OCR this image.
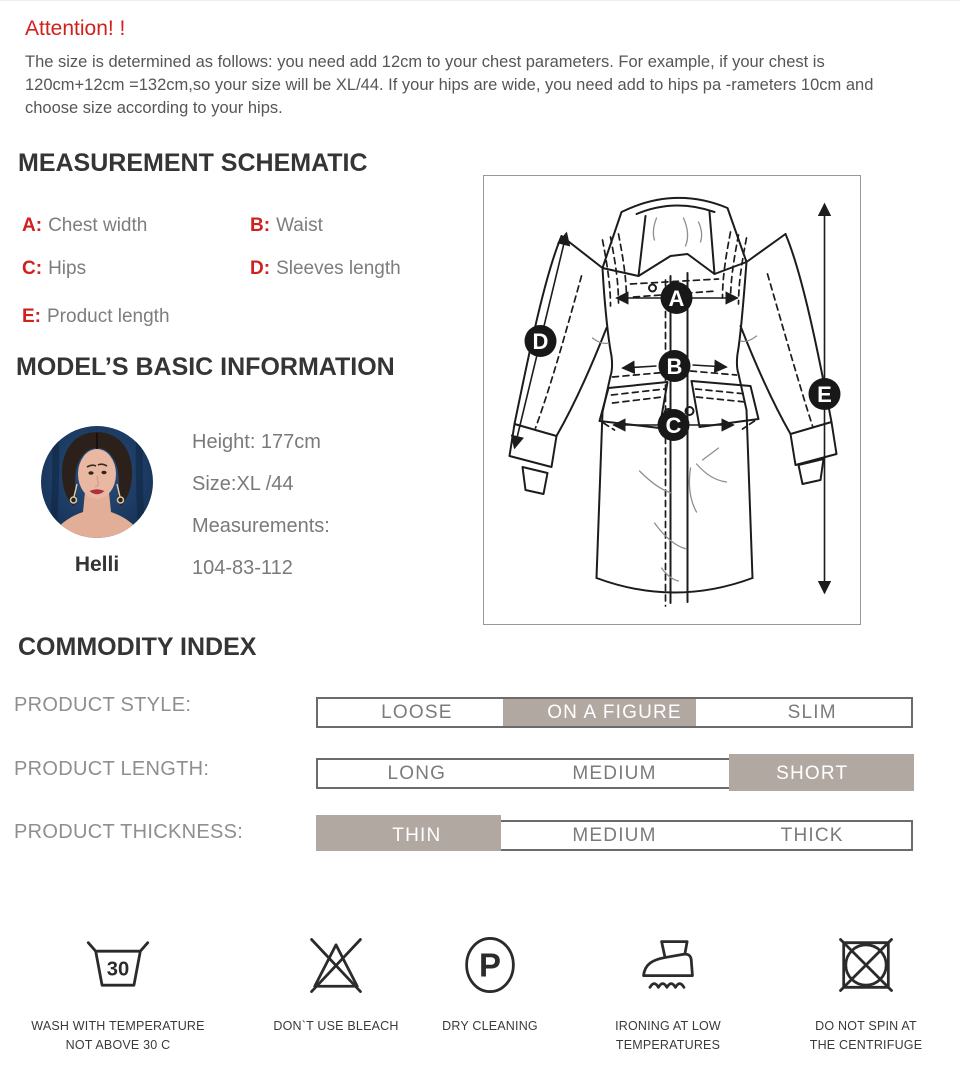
Attention! !
The size is determined as follows: you need add 12cm to your chest parameters. For example, if your chest is 120cm+12cm =132cm,so your size will be XL/44. If your hips are wide, you need add to hips pa -rameters 10cm and choose size according to your hips.
MEASUREMENT SCHEMATIC
A: Chest width	B: Waist
C: Hips	D: Sleeves length
E: Product length
A
B
C
D
E
MODEL’S BASIC INFORMATION
Helli
Height: 177cm
Size:XL /44
Measurements:
104-83-112
COMMODITY INDEX
PRODUCT STYLE:	LOOSE	ON A FIGURE	SLIM
PRODUCT LENGTH:	LONG	MEDIUM	SHORT
PRODUCT THICKNESS:	THIN	MEDIUM	THICK
30
WASH WITH TEMPERATURE
NOT ABOVE 30 C
DON`T USE BLEACH
P
DRY CLEANING	IRONING AT LOW
TEMPERATURES
DO NOT SPIN AT
THE CENTRIFUGE
